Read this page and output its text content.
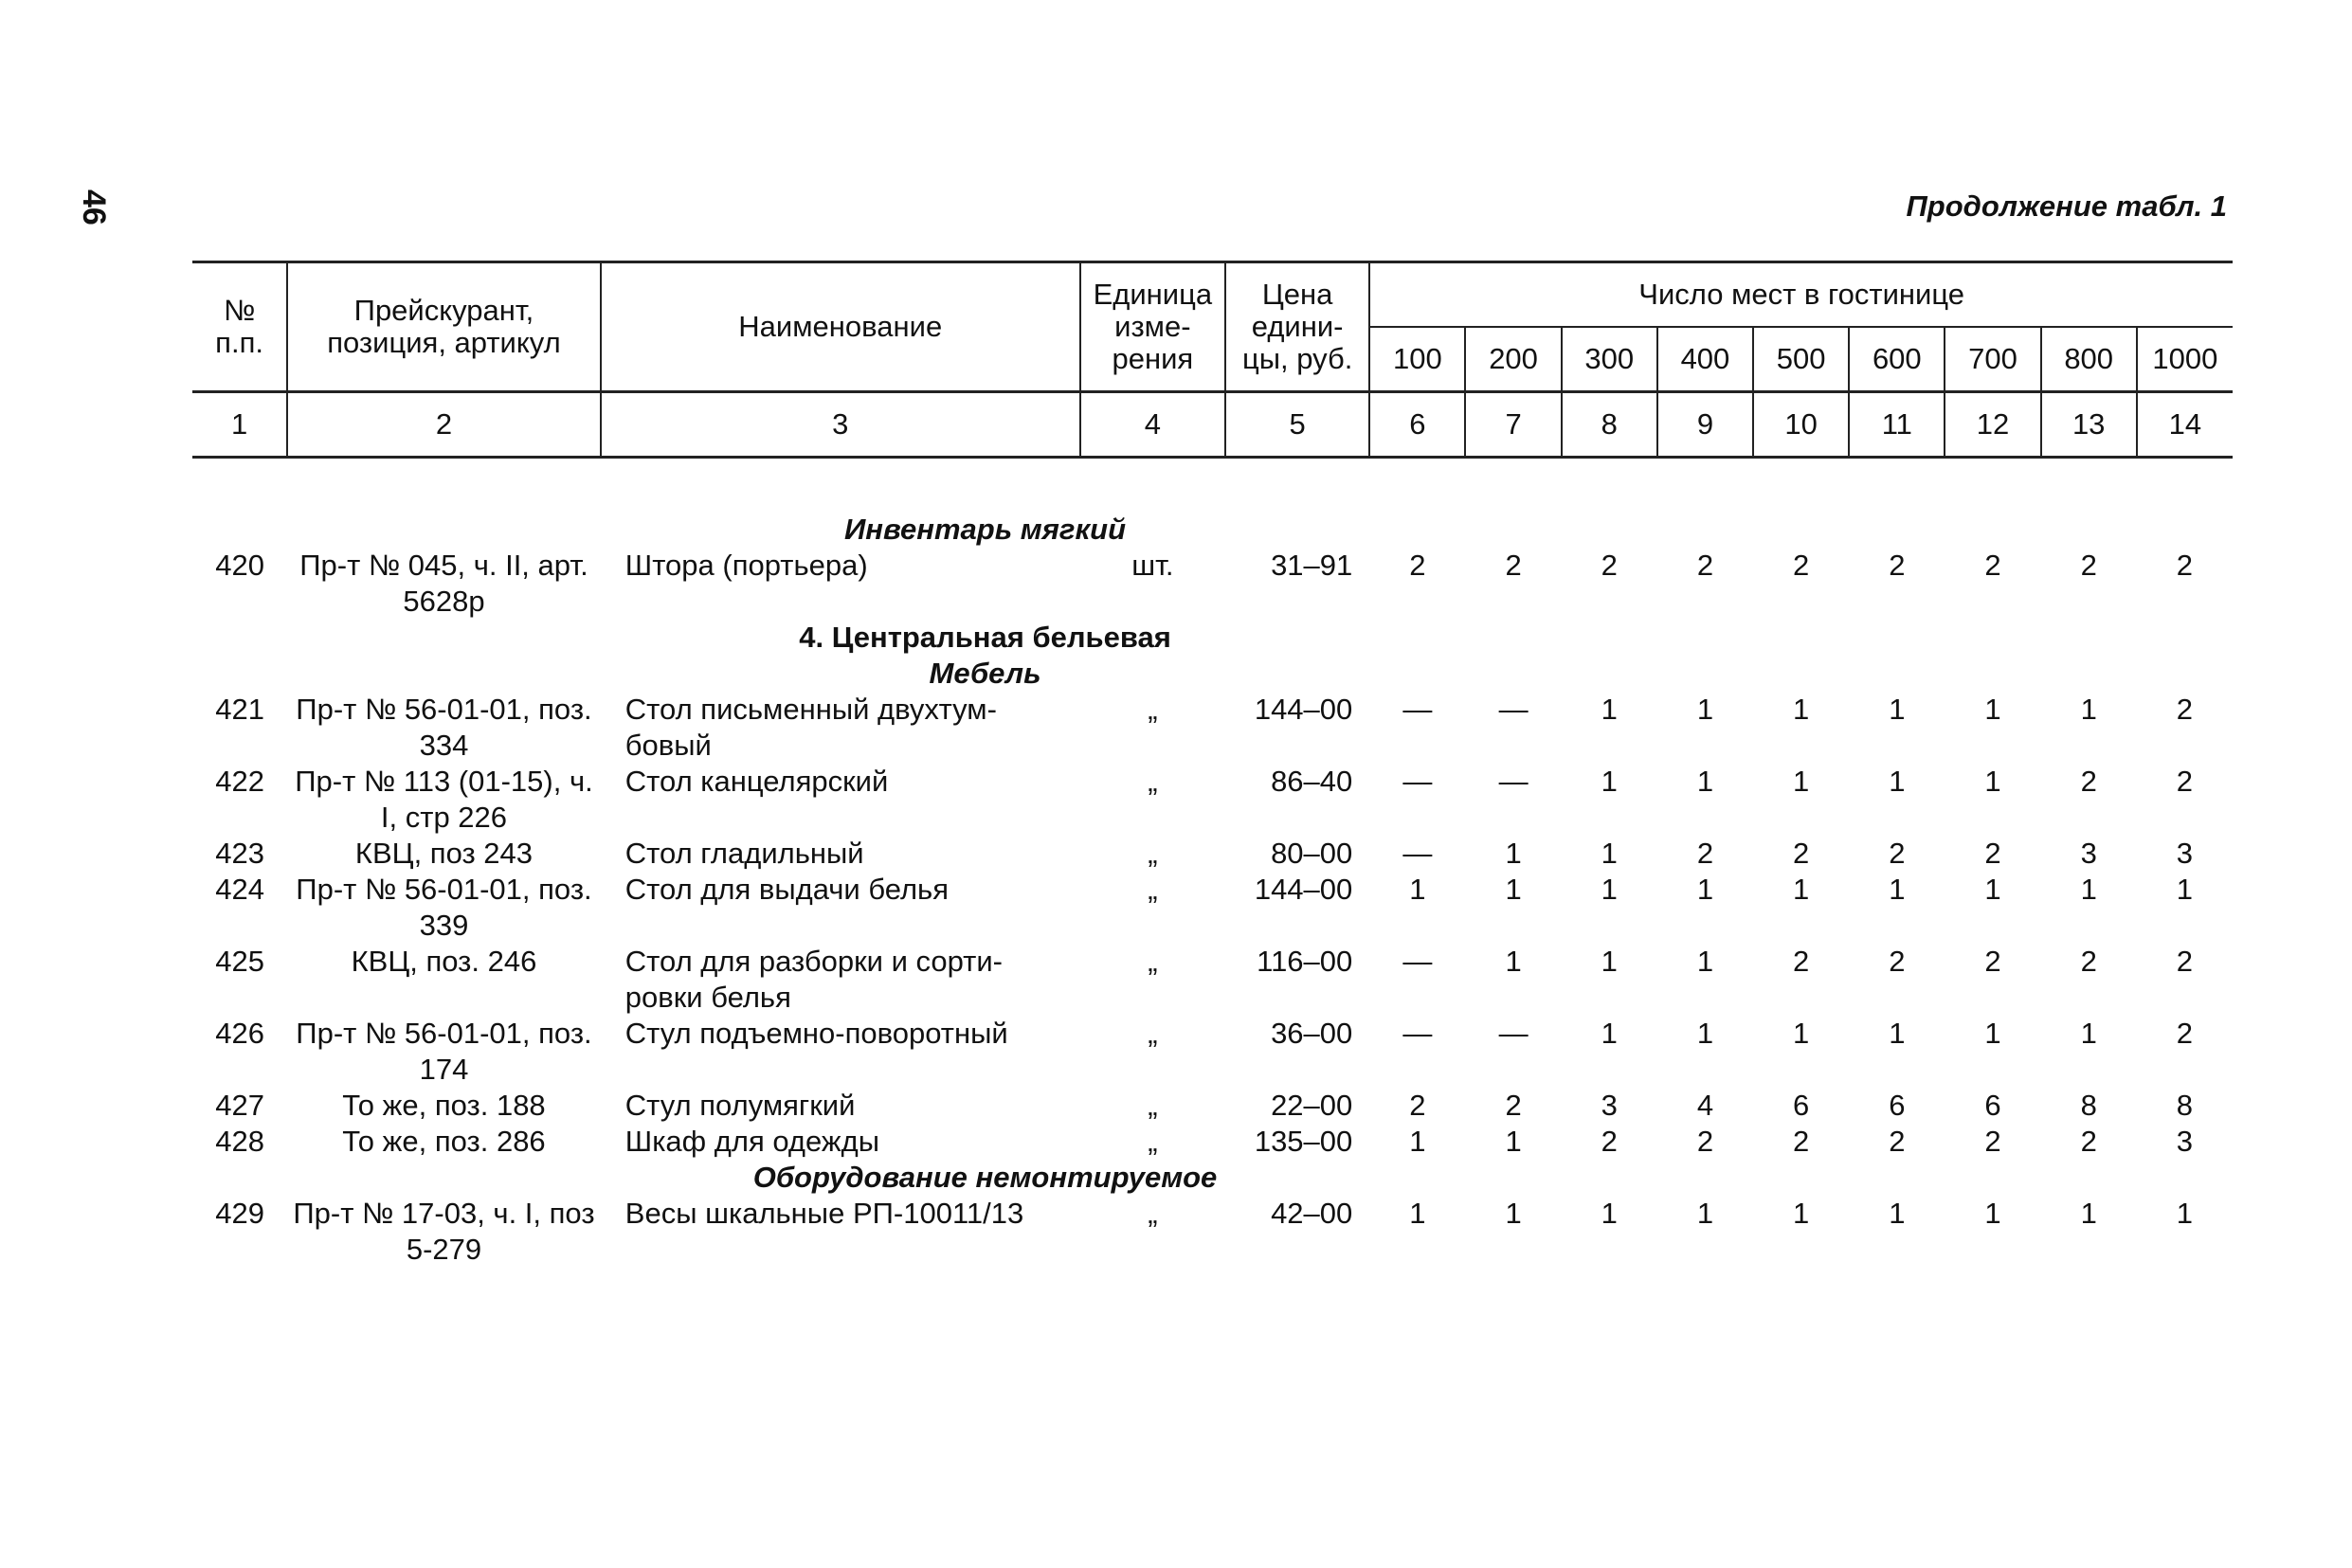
46	Продолжение табл. 1
№ п.п.	Прейскурант, позиция, артикул	Наименование	Единица изме-рения	Цена едини-цы, руб.	Число мест в гостинице								
					100	200	300	400	500	600	700	800	1000
1	2	3	4	5	6	7	8	9	10	11	12	13	14

		Инвентарь мягкий											
420	Пр-т № 045, ч. II, арт. 5628р	Штора (портьера)	шт.	31–91	2	2	2	2	2	2	2	2	2
		4. Центральная бельевая											
		Мебель											
421	Пр-т № 56-01-01, поз. 334	Стол письменный двухтум-бовый	„	144–00	—	—	1	1	1	1	1	1	2
422	Пр-т № 113 (01-15), ч. I, стр 226	Стол канцелярский	„	86–40	—	—	1	1	1	1	1	2	2
423	КВЦ, поз 243	Стол гладильный	„	80–00	—	1	1	2	2	2	2	3	3
424	Пр-т № 56-01-01, поз. 339	Стол для выдачи белья	„	144–00	1	1	1	1	1	1	1	1	1
425	КВЦ, поз. 246	Стол для разборки и сорти-ровки белья	„	116–00	—	1	1	1	2	2	2	2	2
426	Пр-т № 56-01-01, поз. 174	Стул подъемно-поворотный	„	36–00	—	—	1	1	1	1	1	1	2
427	То же, поз. 188	Стул полумягкий	„	22–00	2	2	3	4	6	6	6	8	8
428	То же, поз. 286	Шкаф для одежды	„	135–00	1	1	2	2	2	2	2	2	3
		Оборудование немонтируемое											
429	Пр-т № 17-03, ч. I, поз 5-279	Весы шкальные РП-10011/13	„	42–00	1	1	1	1	1	1	1	1	1
